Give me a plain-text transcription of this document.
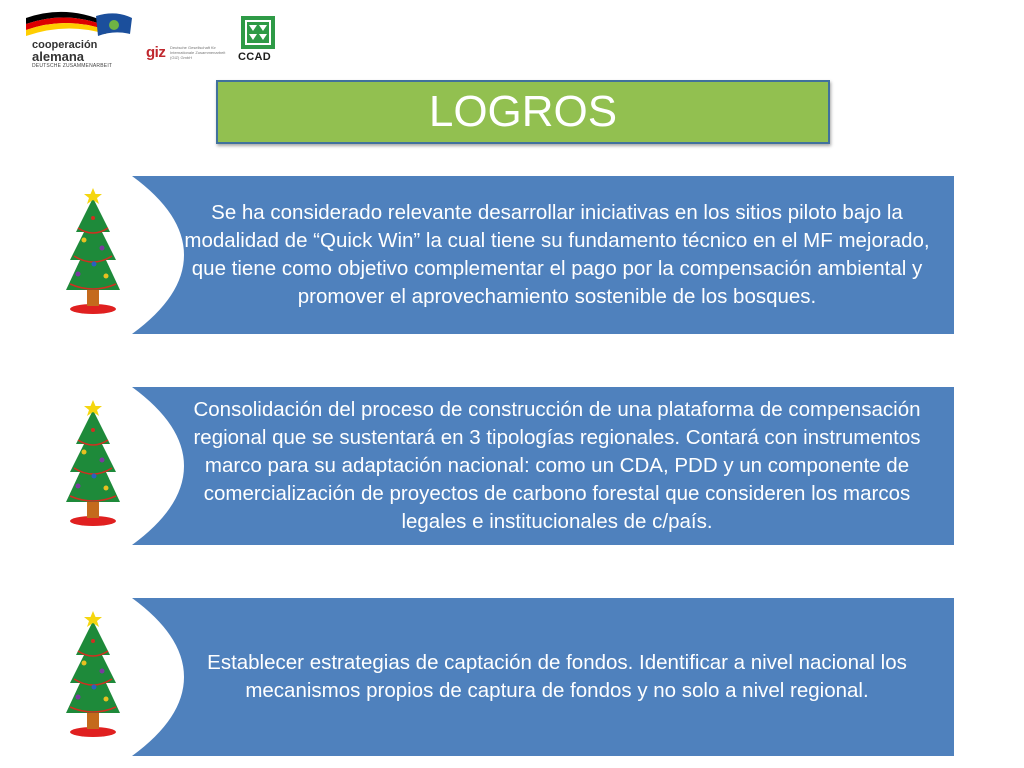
cooperación
alemana
DEUTSCHE ZUSAMMENARBEIT
giz Deutsche Gesellschaft für Internationale Zusammenarbeit (GIZ) GmbH	CCAD
LOGROS
Se ha considerado relevante desarrollar iniciativas en los sitios piloto bajo la modalidad de “Quick Win” la cual tiene su fundamento técnico en el MF mejorado, que tiene como objetivo complementar el pago por la compensación ambiental y promover el aprovechamiento sostenible de los bosques.
Consolidación del proceso de construcción de una plataforma de compensación regional que se sustentará en 3 tipologías regionales. Contará con instrumentos marco para su adaptación nacional: como un CDA, PDD y un componente de comercialización de proyectos de carbono forestal que consideren los marcos legales e institucionales de c/país.
Establecer estrategias de captación de fondos. Identificar a nivel nacional los mecanismos propios de captura de fondos y no solo a nivel regional.
